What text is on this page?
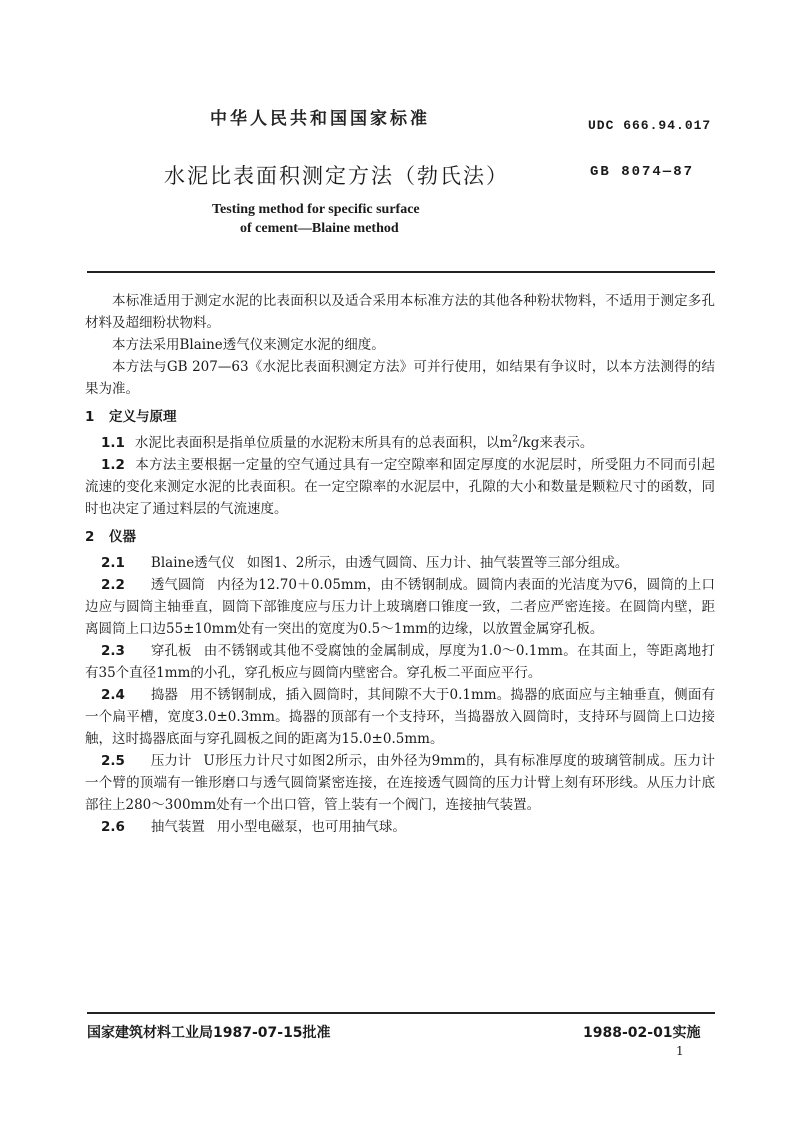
中华人民共和国国家标准	UDC 666.94.017
水泥比表面积测定方法（勃氏法）	GB 8074—87
Testing method for specific surface
of cement—Blaine method

本标准适用于测定水泥的比表面积以及适合采用本标准方法的其他各种粉状物料，不适用于测定多孔材料及超细粉状物料。

本方法采用Blaine透气仪来测定水泥的细度。

本方法与GB 207—63《水泥比表面积测定方法》可并行使用，如结果有争议时，以本方法测得的结果为准。

1 定义与原理

1.1 水泥比表面积是指单位质量的水泥粉末所具有的总表面积，以$m^2/kg$来表示。

1.2 本方法主要根据一定量的空气通过具有一定空隙率和固定厚度的水泥层时，所受阻力不同而引起流速的变化来测定水泥的比表面积。在一定空隙率的水泥层中，孔隙的大小和数量是颗粒尺寸的函数，同时也决定了通过料层的气流速度。

2 仪器

2.1 Blaine透气仪 如图1、2所示，由透气圆筒、压力计、抽气装置等三部分组成。

2.2 透气圆筒 内径为12.70＋0.05mm，由不锈钢制成。圆筒内表面的光洁度为▽6，圆筒的上口边应与圆筒主轴垂直，圆筒下部锥度应与压力计上玻璃磨口锥度一致，二者应严密连接。在圆筒内壁，距离圆筒上口边55±10mm处有一突出的宽度为0.5～1mm的边缘，以放置金属穿孔板。

2.3 穿孔板 由不锈钢或其他不受腐蚀的金属制成，厚度为1.0～0.1mm。在其面上，等距离地打有35个直径1mm的小孔，穿孔板应与圆筒内壁密合。穿孔板二平面应平行。

2.4 捣器 用不锈钢制成，插入圆筒时，其间隙不大于0.1mm。捣器的底面应与主轴垂直，侧面有一个扁平槽，宽度3.0±0.3mm。捣器的顶部有一个支持环，当捣器放入圆筒时，支持环与圆筒上口边接触，这时捣器底面与穿孔圆板之间的距离为15.0±0.5mm。

2.5 压力计 U形压力计尺寸如图2所示，由外径为9mm的，具有标准厚度的玻璃管制成。压力计一个臂的顶端有一锥形磨口与透气圆筒紧密连接，在连接透气圆筒的压力计臂上刻有环形线。从压力计底部往上280～300mm处有一个出口管，管上装有一个阀门，连接抽气装置。

2.6 抽气装置 用小型电磁泵，也可用抽气球。

国家建筑材料工业局1987-07-15批准	1988-02-01实施
1
